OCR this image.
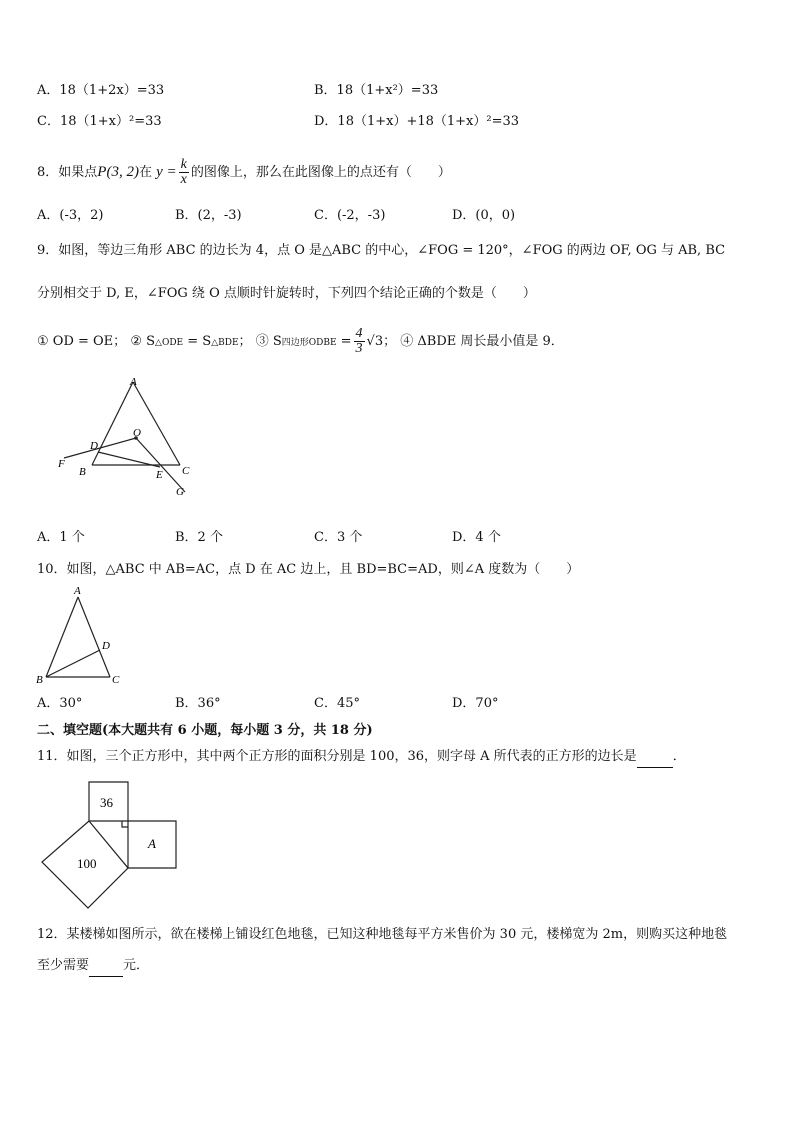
A．18（1+2x）=33	B．18（1+x²）=33
C．18（1+x）²=33	D．18（1+x）+18（1+x）²=33
8．如果点P(3, 2)在 $y = \frac{k}{x}$ 的图像上，那么在此图像上的点还有（　　）
A．(-3，2)	B．(2，-3)	C．(-2，-3)	D．(0，0)
9．如图，等边三角形 ABC 的边长为 4，点 O 是△ABC 的中心，∠FOG = 120°，∠FOG 的两边 OF, OG 与 AB, BC
分别相交于 D, E，∠FOG 绕 O 点顺时针旋转时，下列四个结论正确的个数是（　　）
① OD = OE； ② S△ODE = S△BDE； ③ S四边形ODBE = $\frac{4}{3} √3$； ④ ΔBDE 周长最小值是 9．
A
O
D
F
B	E C
G
A．1 个	B．2 个	C．3 个	D．4 个
10．如图，△ABC 中 AB=AC，点 D 在 AC 边上，且 BD=BC=AD，则∠A 度数为（　　）
A
B	C
D
A．30°	B．36°	C．45°	D．70°
二、填空题(本大题共有 6 小题，每小题 3 分，共 18 分)
11．如图，三个正方形中，其中两个正方形的面积分别是 100，36，则字母 A 所代表的正方形的边长是	．
36
A
100
12．某楼梯如图所示，欲在楼梯上铺设红色地毯，已知这种地毯每平方米售价为 30 元，楼梯宽为 2m，则购买这种地毯
至少需要	元．
